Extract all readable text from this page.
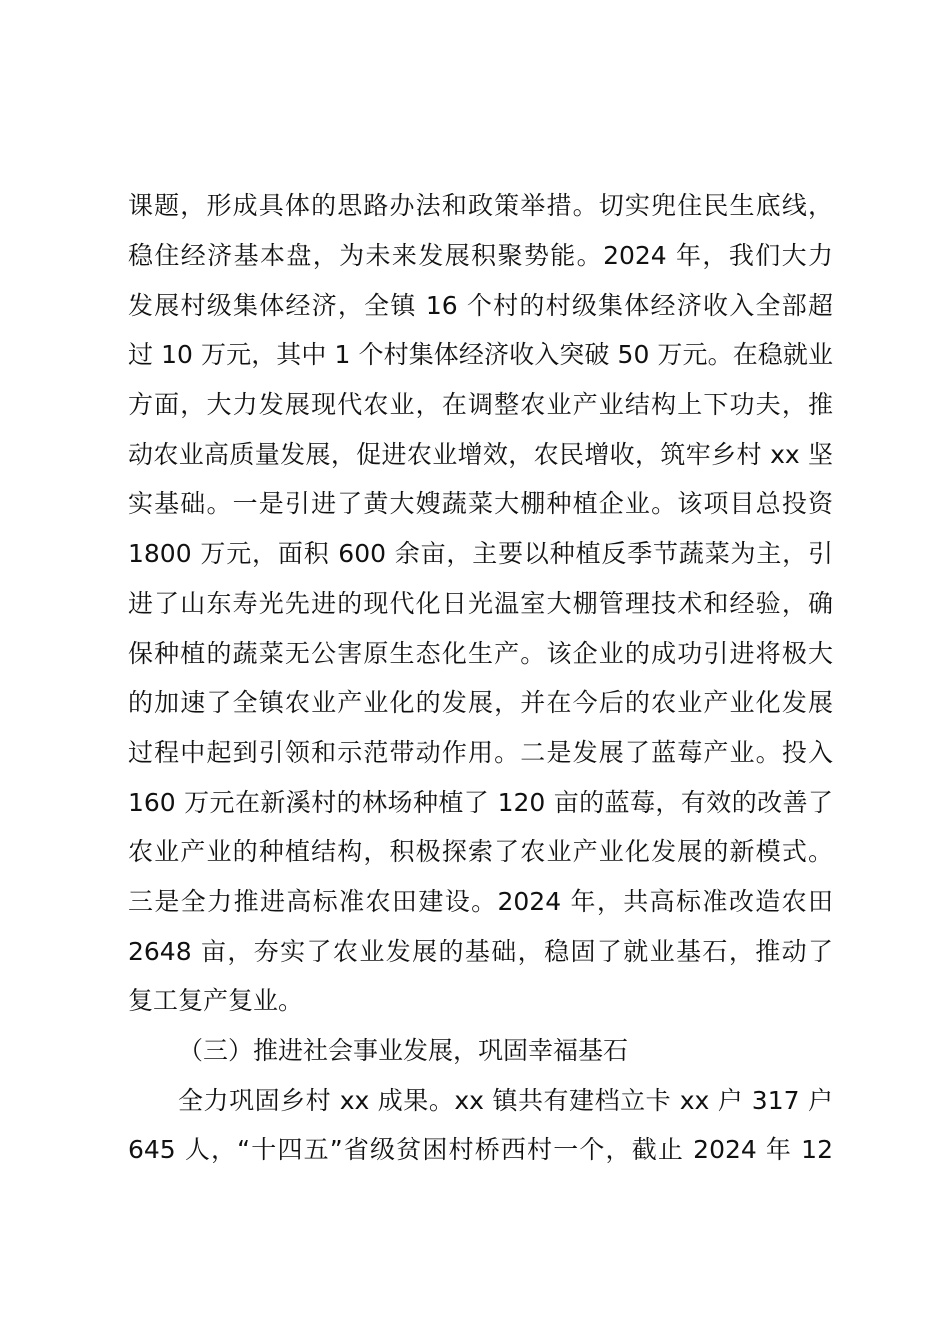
课题，形成具体的思路办法和政策举措。切实兜住民生底线，
稳住经济基本盘，为未来发展积聚势能。2024 年，我们大力
发展村级集体经济，全镇 16 个村的村级集体经济收入全部超
过 10 万元，其中 1 个村集体经济收入突破 50 万元。在稳就业
方面，大力发展现代农业，在调整农业产业结构上下功夫，推
动农业高质量发展，促进农业增效，农民增收，筑牢乡村 xx 坚
实基础。一是引进了黄大嫂蔬菜大棚种植企业。该项目总投资
1800 万元，面积 600 余亩，主要以种植反季节蔬菜为主，引
进了山东寿光先进的现代化日光温室大棚管理技术和经验，确
保种植的蔬菜无公害原生态化生产。该企业的成功引进将极大
的加速了全镇农业产业化的发展，并在今后的农业产业化发展
过程中起到引领和示范带动作用。二是发展了蓝莓产业。投入
160 万元在新溪村的林场种植了 120 亩的蓝莓，有效的改善了
农业产业的种植结构，积极探索了农业产业化发展的新模式。
三是全力推进高标准农田建设。2024 年，共高标准改造农田
2648 亩，夯实了农业发展的基础，稳固了就业基石，推动了
复工复产复业。
（三）推进社会事业发展，巩固幸福基石
全力巩固乡村 xx 成果。xx 镇共有建档立卡 xx 户 317 户
645 人，“十四五”省级贫困村桥西村一个，截止 2024 年 12
